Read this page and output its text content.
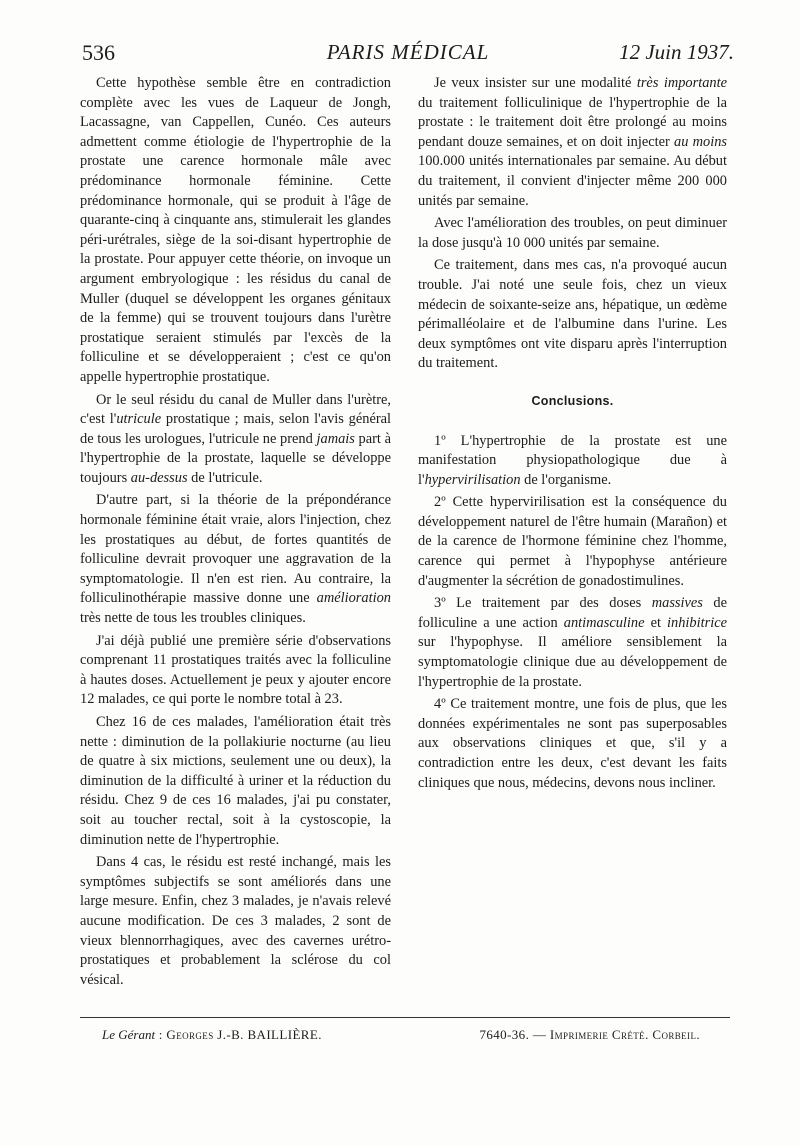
536	PARIS MÉDICAL	12 Juin 1937.

Cette hypothèse semble être en contradiction complète avec les vues de Laqueur de Jongh, Lacassagne, van Cappellen, Cunéo. Ces auteurs admettent comme étiologie de l'hypertrophie de la prostate une carence hormonale mâle avec prédominance hormonale féminine. Cette prédominance hormonale, qui se produit à l'âge de quarante-cinq à cinquante ans, stimulerait les glandes péri-urétrales, siège de la soi-disant hypertrophie de la prostate. Pour appuyer cette théorie, on invoque un argument embryologique : les résidus du canal de Muller (duquel se développent les organes génitaux de la femme) qui se trouvent toujours dans l'urètre prostatique seraient stimulés par l'excès de la folliculine et se développeraient ; c'est ce qu'on appelle hypertrophie prostatique.

Or le seul résidu du canal de Muller dans l'urètre, c'est l'utricule prostatique ; mais, selon l'avis général de tous les urologues, l'utricule ne prend jamais part à l'hypertrophie de la prostate, laquelle se développe toujours au-dessus de l'utricule.

D'autre part, si la théorie de la prépondérance hormonale féminine était vraie, alors l'injection, chez les prostatiques au début, de fortes quantités de folliculine devrait provoquer une aggravation de la symptomatologie. Il n'en est rien. Au contraire, la folliculinothérapie massive donne une amélioration très nette de tous les troubles cliniques.

J'ai déjà publié une première série d'observations comprenant 11 prostatiques traités avec la folliculine à hautes doses. Actuellement je peux y ajouter encore 12 malades, ce qui porte le nombre total à 23.

Chez 16 de ces malades, l'amélioration était très nette : diminution de la pollakiurie nocturne (au lieu de quatre à six mictions, seulement une ou deux), la diminution de la difficulté à uriner et la réduction du résidu. Chez 9 de ces 16 malades, j'ai pu constater, soit au toucher rectal, soit à la cystoscopie, la diminution nette de l'hypertrophie.

Dans 4 cas, le résidu est resté inchangé, mais les symptômes subjectifs se sont améliorés dans une large mesure. Enfin, chez 3 malades, je n'avais relevé aucune modification. De ces 3 malades, 2 sont de vieux blennorrhagiques, avec des cavernes urétro-prostatiques et probablement la sclérose du col vésical.

Je veux insister sur une modalité très importante du traitement folliculinique de l'hypertrophie de la prostate : le traitement doit être prolongé au moins pendant douze semaines, et on doit injecter au moins 100.000 unités internationales par semaine. Au début du traitement, il convient d'injecter même 200 000 unités par semaine.

Avec l'amélioration des troubles, on peut diminuer la dose jusqu'à 10 000 unités par semaine.

Ce traitement, dans mes cas, n'a provoqué aucun trouble. J'ai noté une seule fois, chez un vieux médecin de soixante-seize ans, hépatique, un œdème périmalléolaire et de l'albumine dans l'urine. Les deux symptômes ont vite disparu après l'interruption du traitement.

Conclusions.

1º L'hypertrophie de la prostate est une manifestation physiopathologique due à l'hypervirilisation de l'organisme.

2º Cette hypervirilisation est la conséquence du développement naturel de l'être humain (Marañon) et de la carence de l'hormone féminine chez l'homme, carence qui permet à l'hypophyse antérieure d'augmenter la sécrétion de gonadostimulines.

3º Le traitement par des doses massives de folliculine a une action antimasculine et inhibitrice sur l'hypophyse. Il améliore sensiblement la symptomatologie clinique due au développement de l'hypertrophie de la prostate.

4º Ce traitement montre, une fois de plus, que les données expérimentales ne sont pas superposables aux observations cliniques et que, s'il y a contradiction entre les deux, c'est devant les faits cliniques que nous, médecins, devons nous incliner.

Le Gérant : Georges J.-B. BAILLIÈRE.	7640-36. — Imprimerie Crété. Corbeil.
